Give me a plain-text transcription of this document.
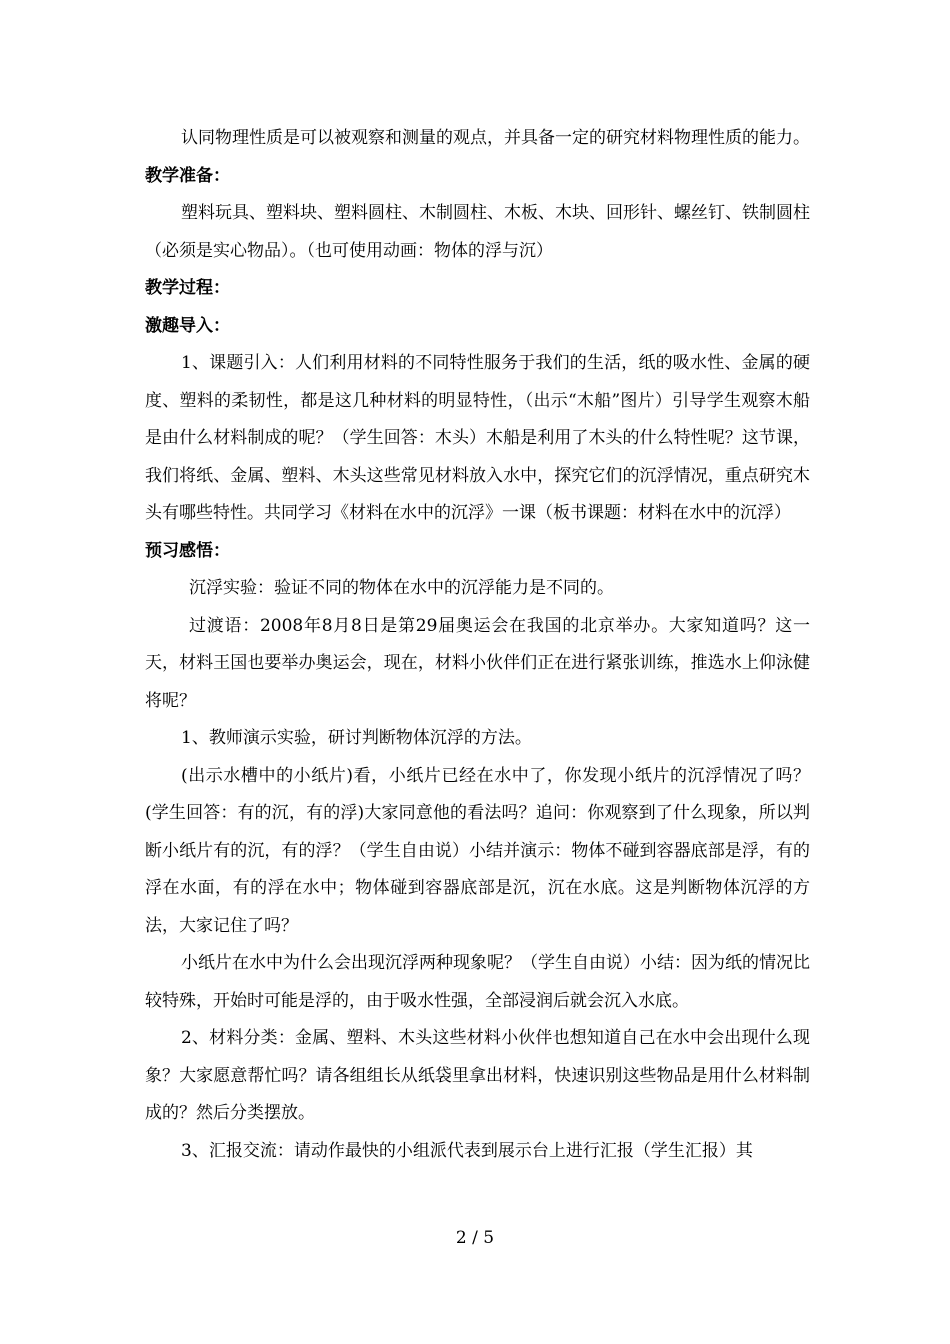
认同物理性质是可以被观察和测量的观点，并具备一定的研究材料物理性质的能力。

教学准备：

塑料玩具、塑料块、塑料圆柱、木制圆柱、木板、木块、回形针、螺丝钉、铁制圆柱（必须是实心物品）。（也可使用动画：物体的浮与沉）

教学过程：

激趣导入：

1、课题引入：人们利用材料的不同特性服务于我们的生活，纸的吸水性、金属的硬度、塑料的柔韧性，都是这几种材料的明显特性，（出示“木船”图片）引导学生观察木船是由什么材料制成的呢？（学生回答：木头）木船是利用了木头的什么特性呢？这节课，我们将纸、金属、塑料、木头这些常见材料放入水中，探究它们的沉浮情况，重点研究木头有哪些特性。共同学习《材料在水中的沉浮》一课（板书课题：材料在水中的沉浮）

预习感悟：

沉浮实验：验证不同的物体在水中的沉浮能力是不同的。

过渡语：2008年8月8日是第29届奥运会在我国的北京举办。大家知道吗？这一天，材料王国也要举办奥运会，现在，材料小伙伴们正在进行紧张训练，推选水上仰泳健将呢？

1、教师演示实验，研讨判断物体沉浮的方法。

(出示水槽中的小纸片)看，小纸片已经在水中了，你发现小纸片的沉浮情况了吗？(学生回答：有的沉，有的浮)大家同意他的看法吗？追问：你观察到了什么现象，所以判断小纸片有的沉，有的浮？（学生自由说）小结并演示：物体不碰到容器底部是浮，有的浮在水面，有的浮在水中；物体碰到容器底部是沉，沉在水底。这是判断物体沉浮的方法，大家记住了吗？

小纸片在水中为什么会出现沉浮两种现象呢？（学生自由说）小结：因为纸的情况比较特殊，开始时可能是浮的，由于吸水性强，全部浸润后就会沉入水底。

2、材料分类：金属、塑料、木头这些材料小伙伴也想知道自己在水中会出现什么现象？大家愿意帮忙吗？请各组组长从纸袋里拿出材料，快速识别这些物品是用什么材料制成的？然后分类摆放。

3、汇报交流：请动作最快的小组派代表到展示台上进行汇报（学生汇报）其

2 / 5
